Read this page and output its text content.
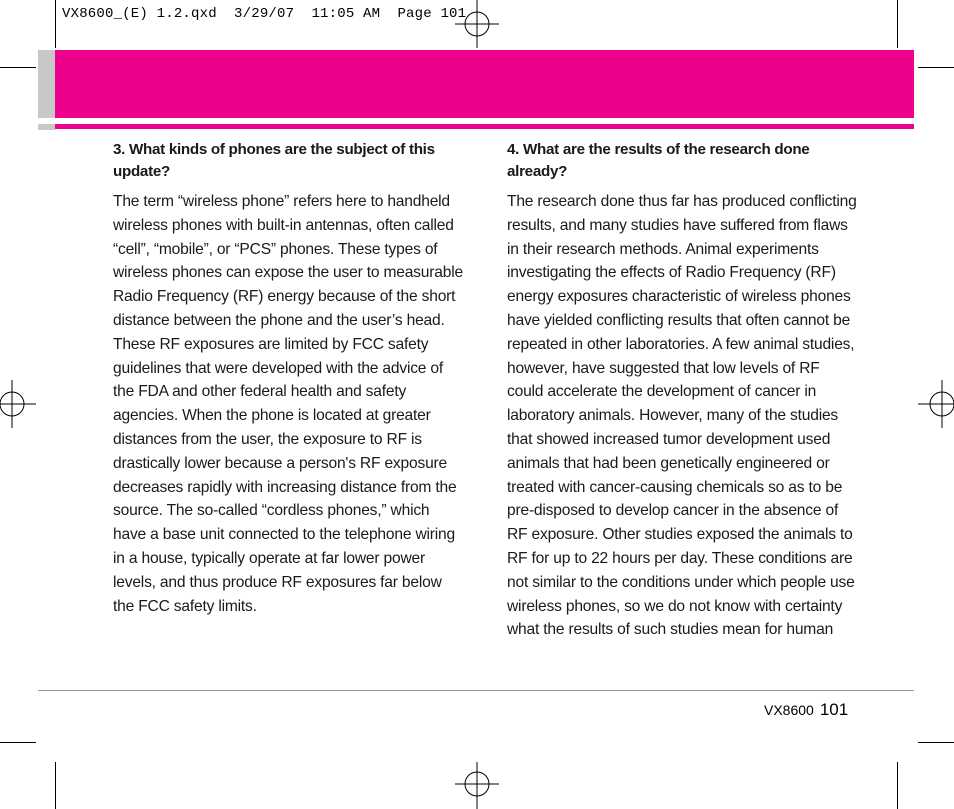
VX8600_(E) 1.2.qxd  3/29/07  11:05 AM  Page 101

3. What kinds of phones are the subject of this update?

The term “wireless phone” refers here to handheld wireless phones with built-in antennas, often called “cell”, “mobile”, or “PCS” phones. These types of wireless phones can expose the user to measurable Radio Frequency (RF) energy because of the short distance between the phone and the user’s head.

These RF exposures are limited by FCC safety guidelines that were developed with the advice of the FDA and other federal health and safety agencies. When the phone is located at greater distances from the user, the exposure to RF is drastically lower because a person's RF exposure decreases rapidly with increasing distance from the source. The so-called “cordless phones,” which have a base unit connected to the telephone wiring in a house, typically operate at far lower power levels, and thus produce RF exposures far below the FCC safety limits.

4. What are the results of the research done already?

The research done thus far has produced conflicting results, and many studies have suffered from flaws in their research methods. Animal experiments investigating the effects of Radio Frequency (RF) energy exposures characteristic of wireless phones have yielded conflicting results that often cannot be repeated in other laboratories. A few animal studies, however, have suggested that low levels of RF could accelerate the development of cancer in laboratory animals. However, many of the studies that showed increased tumor development used animals that had been genetically engineered or treated with cancer-causing chemicals so as to be pre-disposed to develop cancer in the absence of RF exposure. Other studies exposed the animals to RF for up to 22 hours per day. These conditions are not similar to the conditions under which people use wireless phones, so we do not know with certainty what the results of such studies mean for human

VX8600 101
